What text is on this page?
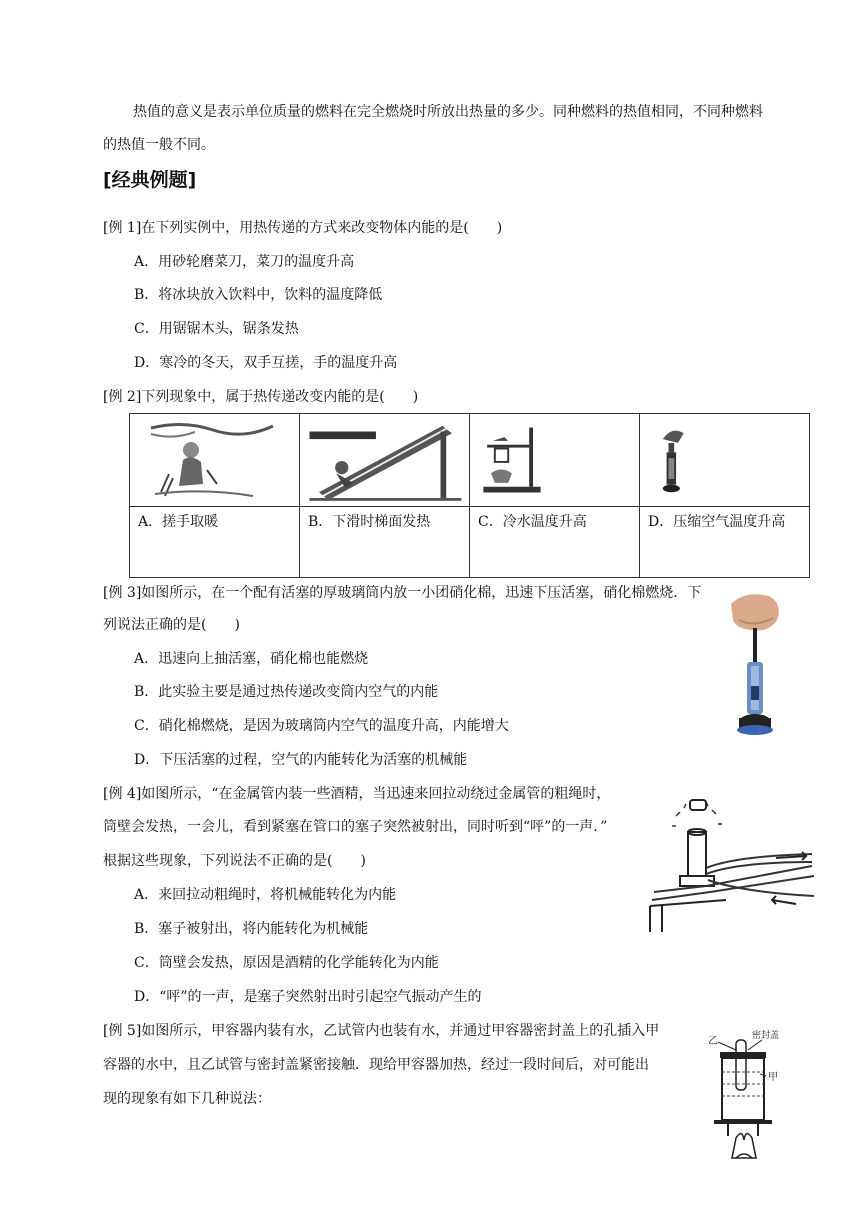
热值的意义是表示单位质量的燃料在完全燃烧时所放出热量的多少。同种燃料的热值相同，不同种燃料的热值一般不同。
[经典例题]
[例 1]在下列实例中，用热传递的方式来改变物体内能的是(　　)
A．用砂轮磨菜刀，菜刀的温度升高
B．将冰块放入饮料中，饮料的温度降低
C．用锯锯木头，锯条发热
D．寒冷的冬天，双手互搓，手的温度升高
[例 2]下列现象中，属于热传递改变内能的是(　　)

A．搓手取暖	B．下滑时梯面发热	C．冷水温度升高	D．压缩空气温度升高
[例 3]如图所示，在一个配有活塞的厚玻璃筒内放一小团硝化棉，迅速下压活塞，硝化棉燃烧．下
列说法正确的是(　　)
A．迅速向上抽活塞，硝化棉也能燃烧
B．此实验主要是通过热传递改变筒内空气的内能
C．硝化棉燃烧，是因为玻璃筒内空气的温度升高，内能增大
D．下压活塞的过程，空气的内能转化为活塞的机械能
[例 4]如图所示，“在金属管内装一些酒精，当迅速来回拉动绕过金属管的粗绳时，
筒壁会发热，一会儿，看到紧塞在管口的塞子突然被射出，同时听到“呯”的一声．”
根据这些现象，下列说法不正确的是(　　)
A．来回拉动粗绳时，将机械能转化为内能
B．塞子被射出，将内能转化为机械能
C．筒壁会发热，原因是酒精的化学能转化为内能
D．“呯”的一声，是塞子突然射出时引起空气振动产生的
[例 5]如图所示，甲容器内装有水，乙试管内也装有水，并通过甲容器密封盖上的孔插入甲
容器的水中，且乙试管与密封盖紧密接触．现给甲容器加热，经过一段时间后，对可能出
现的现象有如下几种说法：
乙	密封盖
甲
